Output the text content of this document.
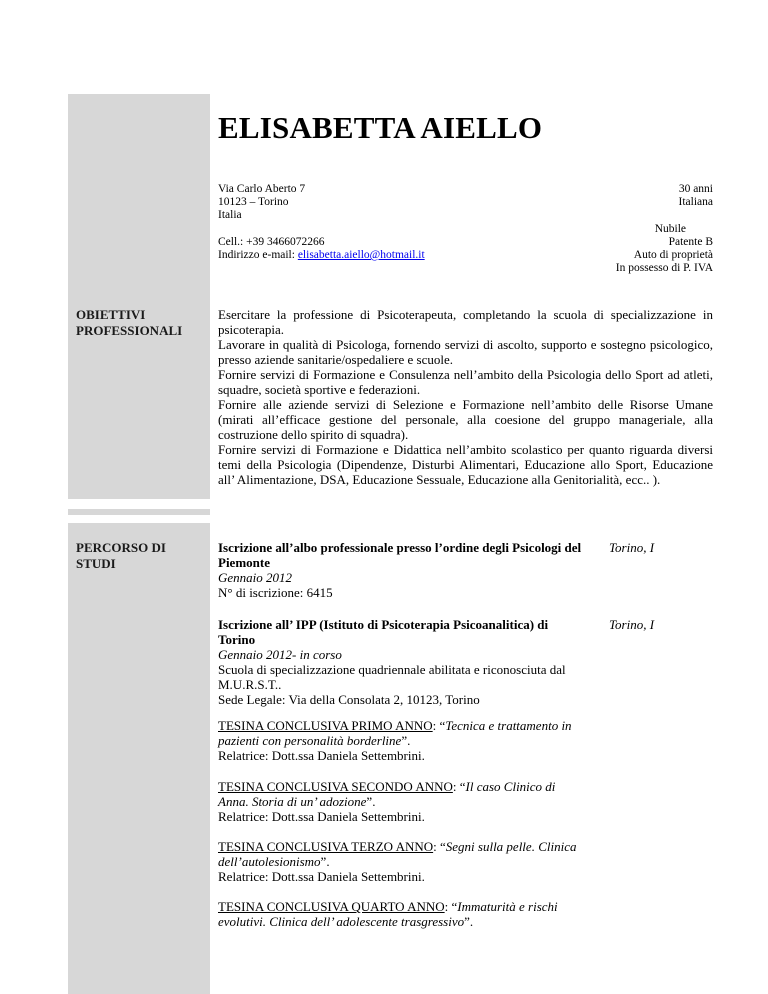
ELISABETTA AIELLO
Via Carlo Aberto 7
10123 – Torino
Italia
Cell.: +39 3466072266
Indirizzo e-mail: elisabetta.aiello@hotmail.it
30 anni
Italiana
Nubile
Patente B
Auto di proprietà
In possesso di P. IVA
OBIETTIVI
PROFESSIONALI

Esercitare la professione di Psicoterapeuta, completando la scuola di specializzazione in psicoterapia.

Lavorare in qualità di Psicologa, fornendo servizi di ascolto, supporto e sostegno psicologico, presso aziende sanitarie/ospedaliere e scuole.

Fornire servizi di Formazione e Consulenza nell’ambito della Psicologia dello Sport ad atleti, squadre, società sportive e federazioni.

Fornire alle aziende servizi di Selezione e Formazione nell’ambito delle Risorse Umane (mirati all’efficace gestione del personale, alla coesione del gruppo manageriale, alla costruzione dello spirito di squadra).

Fornire servizi di Formazione e Didattica nell’ambito scolastico per quanto riguarda diversi temi della Psicologia (Dipendenze, Disturbi Alimentari, Educazione allo Sport, Educazione all’ Alimentazione, DSA, Educazione Sessuale, Educazione alla Genitorialità, ecc.. ).

PERCORSO DI
STUDI

Iscrizione all’albo professionale presso l’ordine degli Psicologi del Piemonte

Gennaio 2012

N° di iscrizione: 6415

Torino, I

Iscrizione all’ IPP (Istituto di Psicoterapia Psicoanalitica) di Torino

Gennaio 2012- in corso

Scuola di specializzazione quadriennale abilitata e riconosciuta dal M.U.R.S.T..

Sede Legale: Via della Consolata 2, 10123, Torino

Torino, I

TESINA CONCLUSIVA PRIMO ANNO: “Tecnica e trattamento in pazienti con personalità borderline”.

Relatrice: Dott.ssa Daniela Settembrini.

TESINA CONCLUSIVA SECONDO ANNO: “Il caso Clinico di Anna. Storia di un’ adozione”.

Relatrice: Dott.ssa Daniela Settembrini.

TESINA CONCLUSIVA TERZO ANNO: “Segni sulla pelle. Clinica dell’autolesionismo”.

Relatrice: Dott.ssa Daniela Settembrini.

TESINA CONCLUSIVA QUARTO ANNO: “Immaturità e rischi evolutivi. Clinica dell’ adolescente trasgressivo”.
